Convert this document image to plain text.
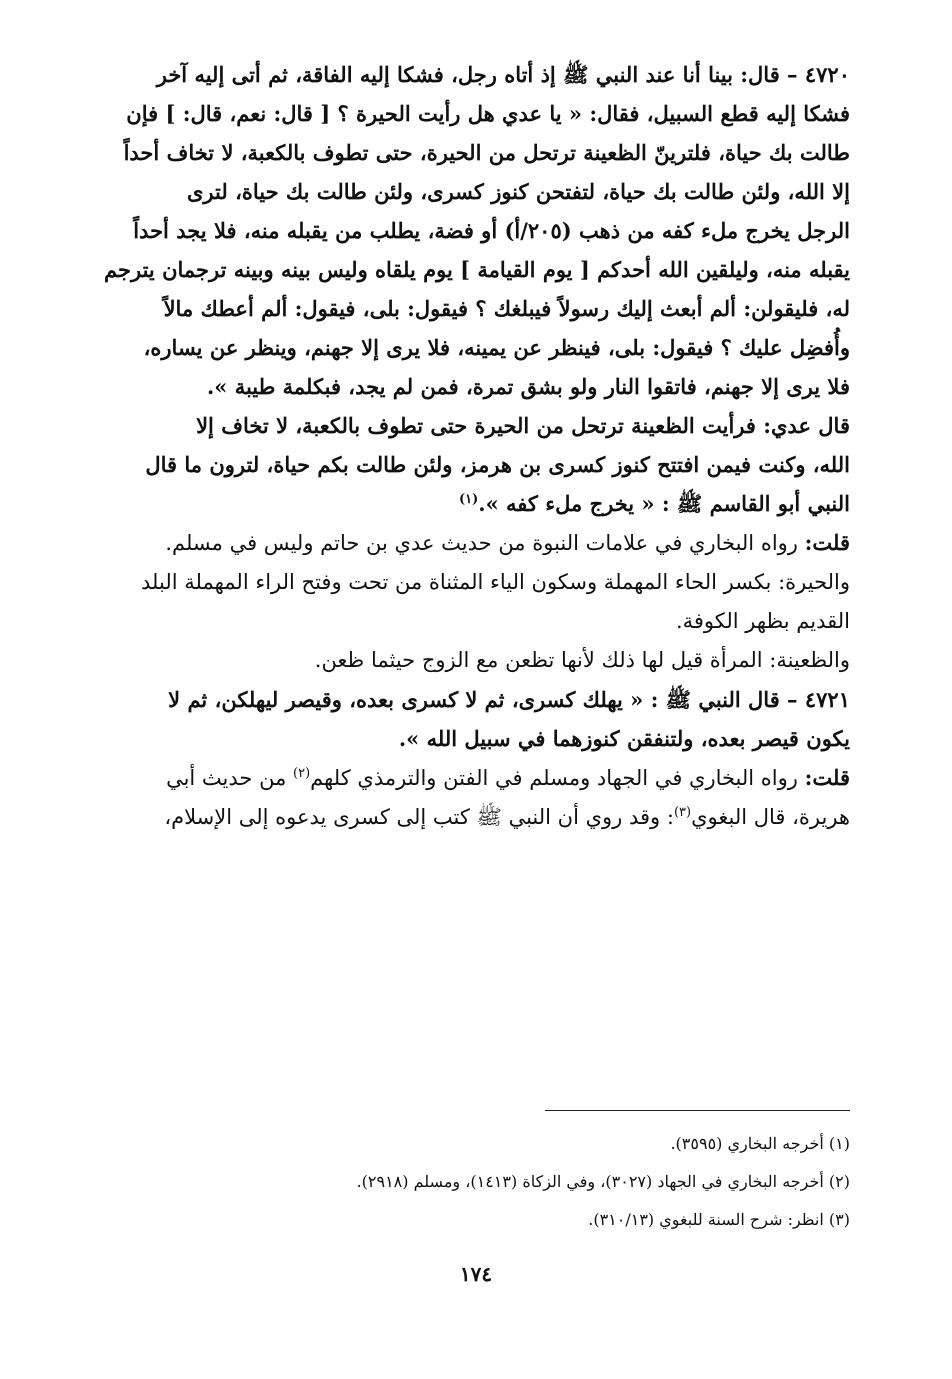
٤٧٢٠ – قال: بينا أنا عند النبي ﷺ إذ أتاه رجل، فشكا إليه الفاقة، ثم أتى إليه آخر
فشكا إليه قطع السبيل، فقال: « يا عدي هل رأيت الحيرة ؟ [ قال: نعم، قال: ] فإن
طالت بك حياة، فلترينّ الظعينة ترتحل من الحيرة، حتى تطوف بالكعبة، لا تخاف أحداً
إلا الله، ولئن طالت بك حياة، لتفتحن كنوز كسرى، ولئن طالت بك حياة، لترى
الرجل يخرج ملء كفه من ذهب (٢٠٥/أ) أو فضة، يطلب من يقبله منه، فلا يجد أحداً
يقبله منه، وليلقين الله أحدكم [ يوم القيامة ] يوم يلقاه وليس بينه وبينه ترجمان يترجم
له، فليقولن: ألم أبعث إليك رسولاً فيبلغك ؟ فيقول: بلى، فيقول: ألم أعطك مالاً
وأُفضِل عليك ؟ فيقول: بلى، فينظر عن يمينه، فلا يرى إلا جهنم، وينظر عن يساره،
فلا يرى إلا جهنم، فاتقوا النار ولو بشق تمرة، فمن لم يجد، فبكلمة طيبة ».
قال عدي: فرأيت الظعينة ترتحل من الحيرة حتى تطوف بالكعبة، لا تخاف إلا
الله، وكنت فيمن افتتح كنوز كسرى بن هرمز، ولئن طالت بكم حياة، لترون ما قال
النبي أبو القاسم ﷺ : « يخرج ملء كفه ».$^{(١)}$
قلت: رواه البخاري في علامات النبوة من حديث عدي بن حاتم وليس في مسلم.
والحيرة: بكسر الحاء المهملة وسكون الياء المثناة من تحت وفتح الراء المهملة البلد
القديم بظهر الكوفة.
والظعينة: المرأة قيل لها ذلك لأنها تظعن مع الزوج حيثما ظعن.
٤٧٢١ – قال النبي ﷺ : « يهلك كسرى، ثم لا كسرى بعده، وقيصر ليهلكن، ثم لا
يكون قيصر بعده، ولتنفقن كنوزهما في سبيل الله ».
قلت: رواه البخاري في الجهاد ومسلم في الفتن والترمذي كلهم$^{(٢)}$ من حديث أبي
هريرة، قال البغوي$^{(٣)}$: وقد روي أن النبي ﷺ كتب إلى كسرى يدعوه إلى الإسلام،
(١) أخرجه البخاري (٣٥٩٥).
(٢) أخرجه البخاري في الجهاد (٣٠٢٧)، وفي الزكاة (١٤١٣)، ومسلم (٢٩١٨).
(٣) انظر: شرح السنة للبغوي (٣١٠/١٣).
١٧٤
